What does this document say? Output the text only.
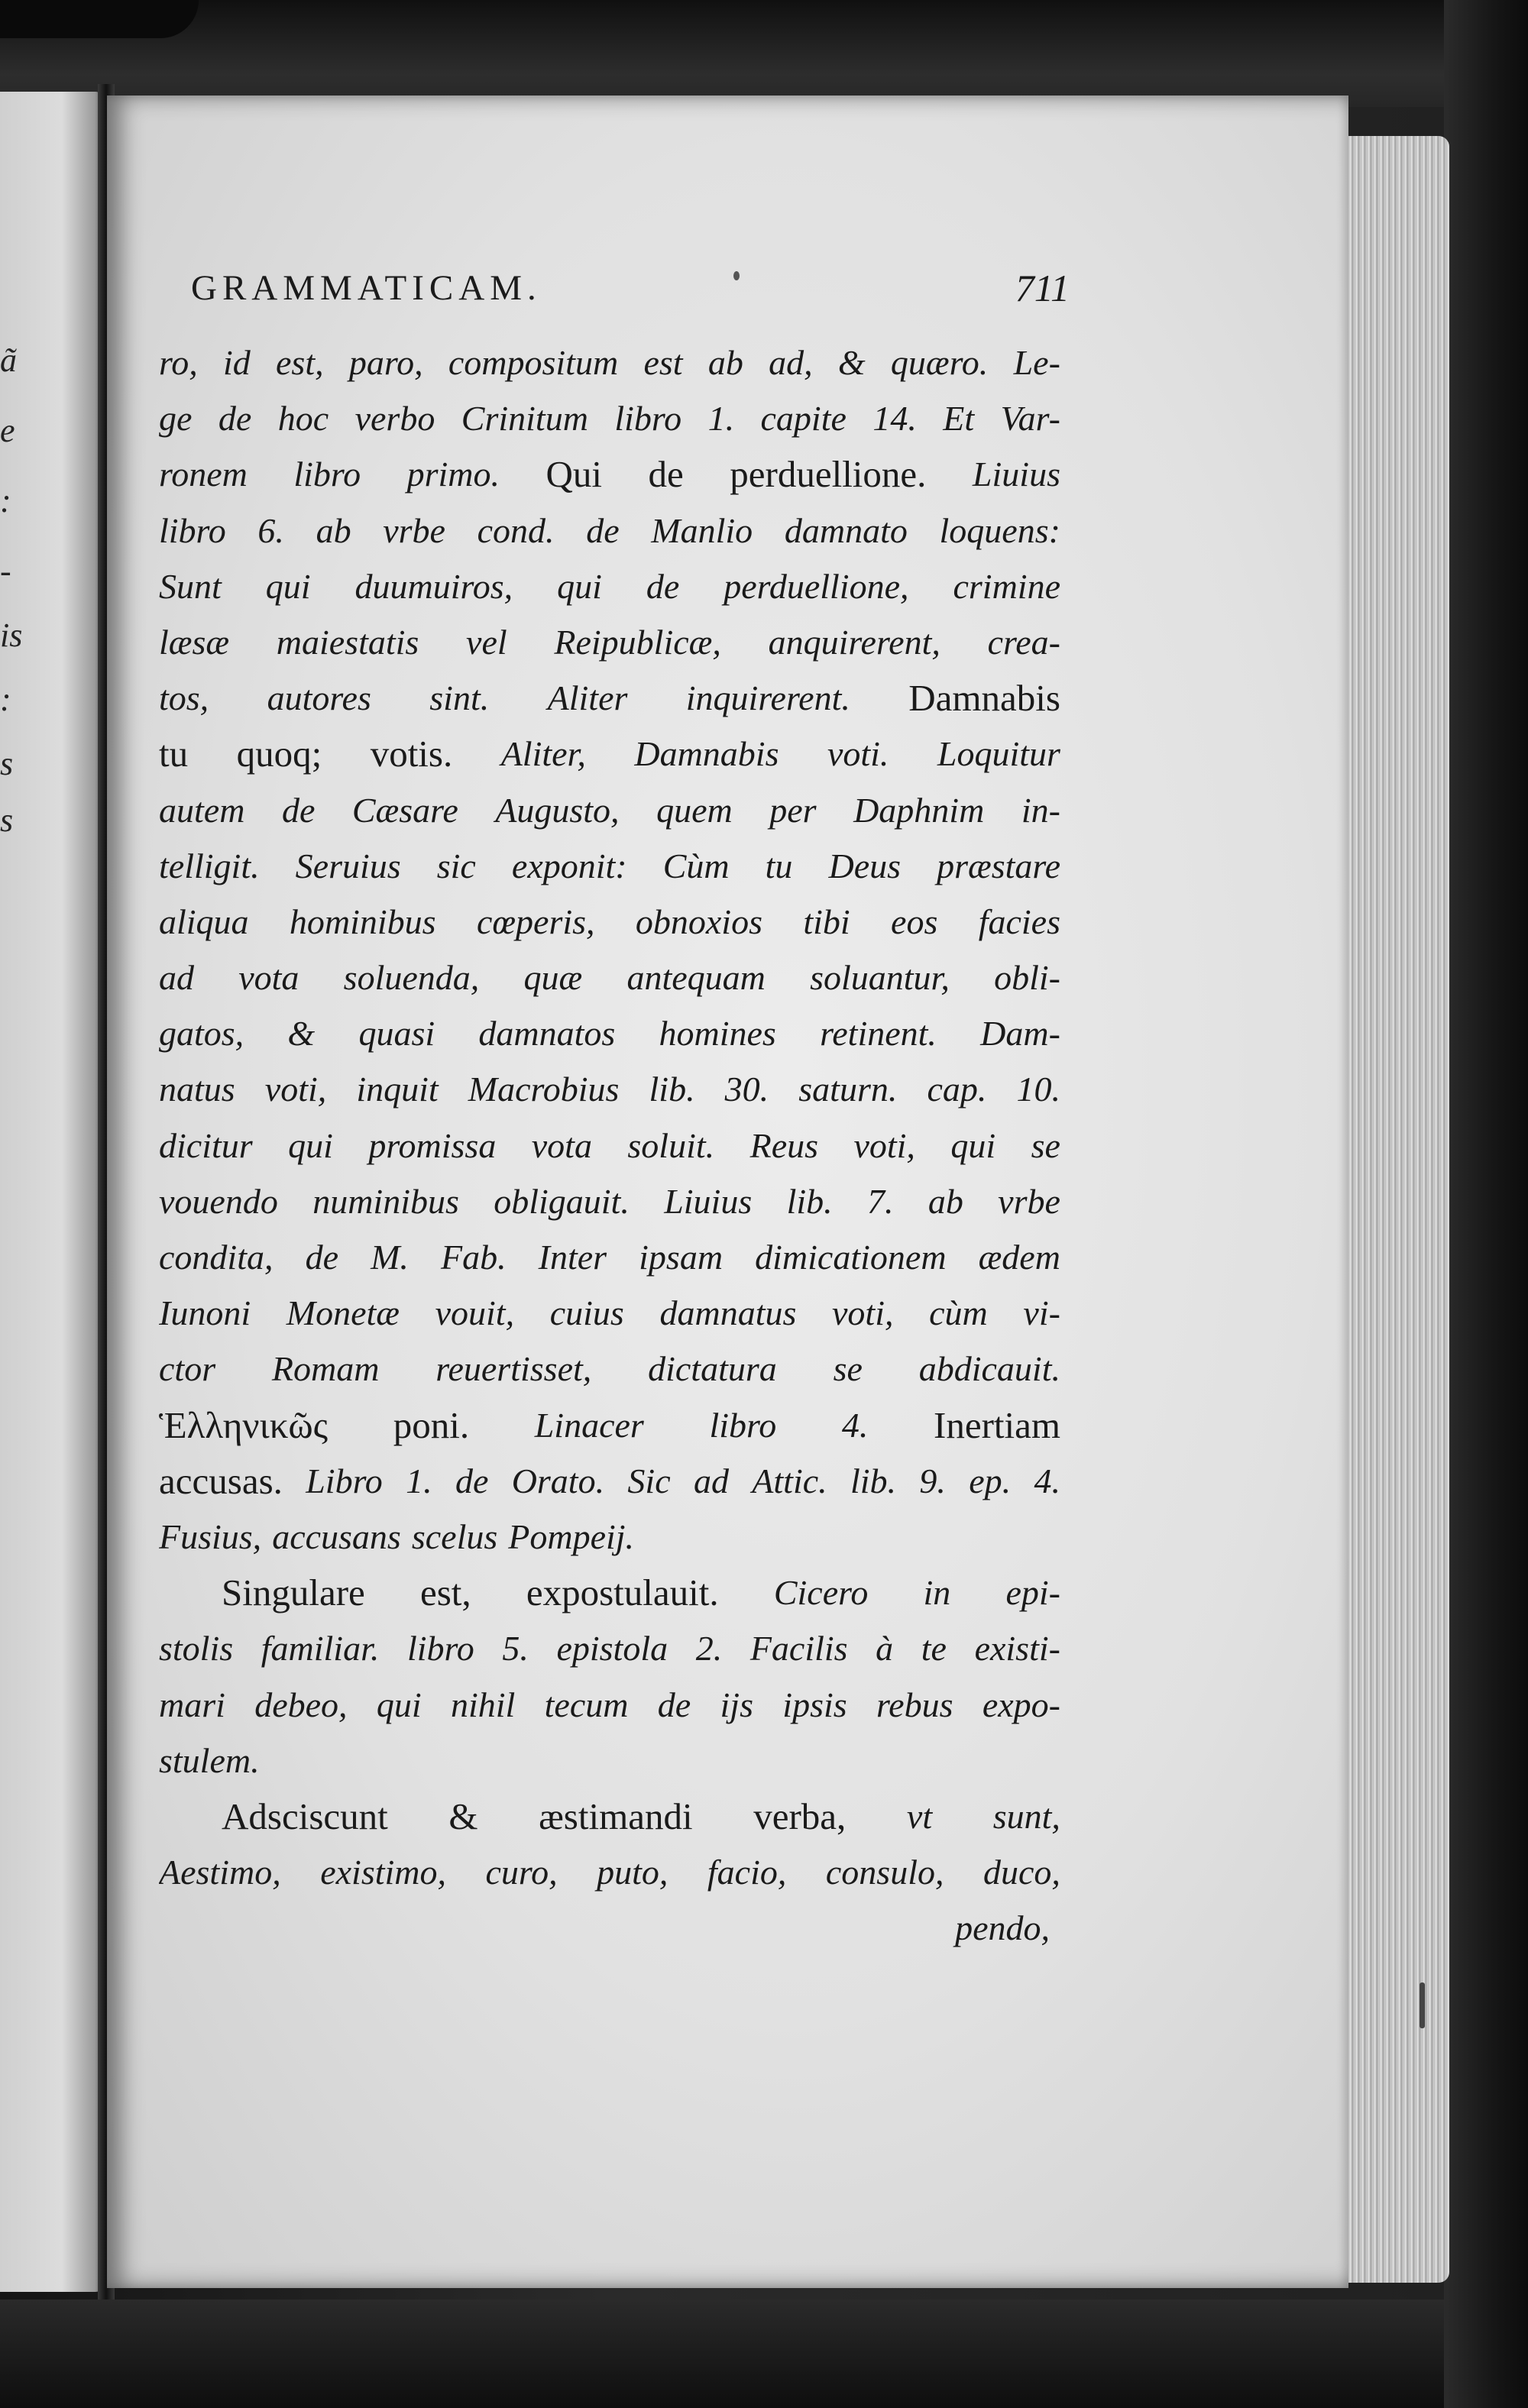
ã
e
:
-
is
:
s
s
GRAMMATICAM.	711
ro, id est, paro, compositum est ab ad, & quæro. Le-
ge de hoc verbo Crinitum libro 1. capite 14. Et Var-
ronem libro primo. Qui de perduellione. Liuius
libro 6. ab vrbe cond. de Manlio damnato loquens:
Sunt qui duumuiros, qui de perduellione, crimine
læsæ maiestatis vel Reipublicæ, anquirerent, crea-
tos, autores sint. Aliter inquirerent. Damnabis
tu quoq; votis. Aliter, Damnabis voti. Loquitur
autem de Cæsare Augusto, quem per Daphnim in-
telligit. Seruius sic exponit: Cùm tu Deus præstare
aliqua hominibus cœperis, obnoxios tibi eos facies
ad vota soluenda, quæ antequam soluantur, obli-
gatos, & quasi damnatos homines retinent. Dam-
natus voti, inquit Macrobius lib. 30. saturn. cap. 10.
dicitur qui promissa vota soluit. Reus voti, qui se
vouendo numinibus obligauit. Liuius lib. 7. ab vrbe
condita, de M. Fab. Inter ipsam dimicationem ædem
Iunoni Monetæ vouit, cuius damnatus voti, cùm vi-
ctor Romam reuertisset, dictatura se abdicauit.
Ἑλληνικῶς poni. Linacer libro 4. Inertiam
accusas. Libro 1. de Orato. Sic ad Attic. lib. 9. ep. 4.
Fusius, accusans scelus Pompeij.
Singulare est, expostulauit. Cicero in epi-
stolis familiar. libro 5. epistola 2. Facilis à te existi-
mari debeo, qui nihil tecum de ijs ipsis rebus expo-
stulem.
Adsciscunt & æstimandi verba, vt sunt,
Aestimo, existimo, curo, puto, facio, consulo, duco,
pendo,
